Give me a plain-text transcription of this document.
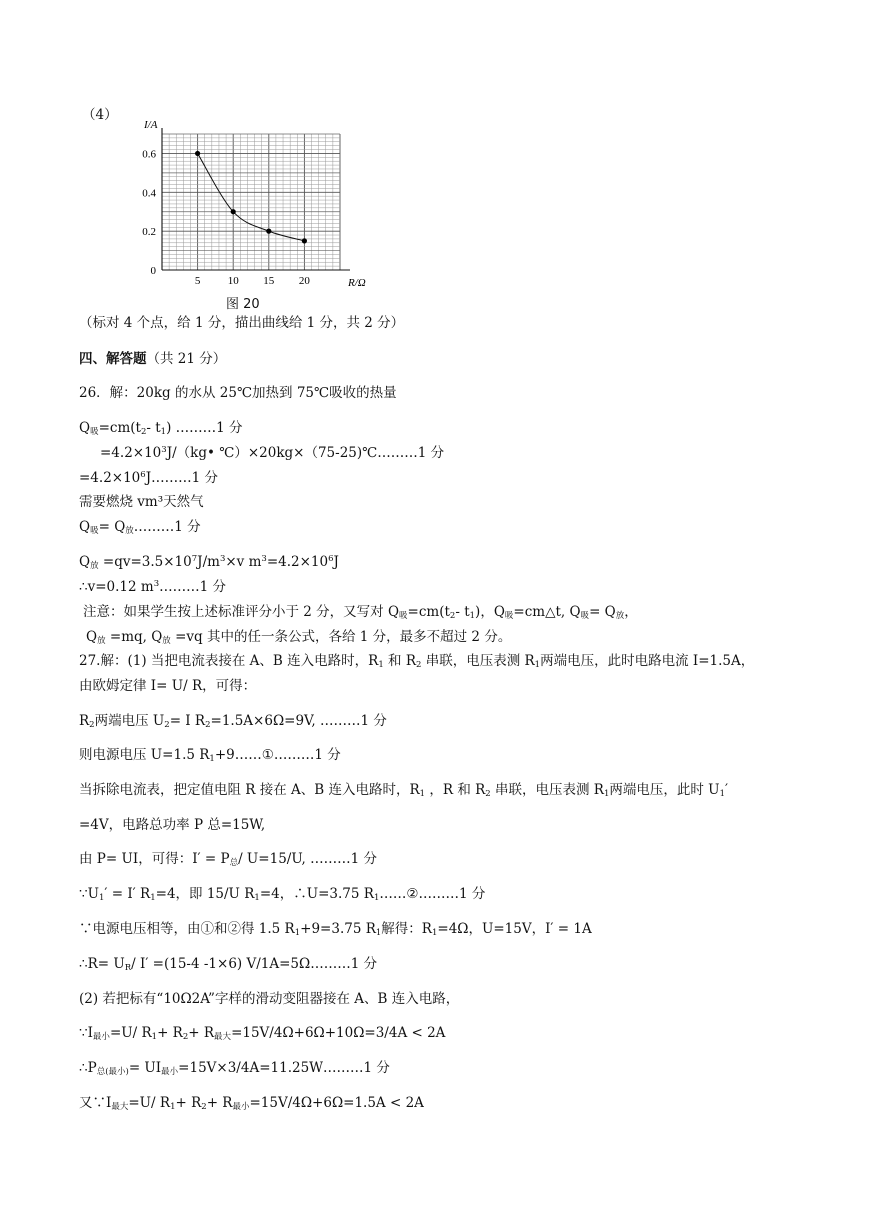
（4）
5 10 15 20
0
0.2
0.4
0.6
I/A
R/Ω
图 20
（标对 4 个点，给 1 分，描出曲线给 1 分，共 2 分）
四、解答题（共 21 分）
26．解：20kg 的水从 25℃加热到 75℃吸收的热量
$Q_吸=cm(t_2-$ $t_1$) ………1 分
$=4.2\times 10^3J/(kg•$ ℃）×20kg×（75-25)℃………1 分
$=4.2\times 10^6J\dots\dots\dots 1$ 分
需要燃烧 vm³天然气
$Q_吸=$ $Q_放\dots\dots\dots 1$ 分
$Q_放 =qv=3.5\times 10^7J/m^3\times v$ $m^3=4.2\times 10^6J$
∴v=0.12 $m^3\dots\dots\dots 1$ 分
注意：如果学生按上述标准评分小于 2 分，又写对 $Q_吸=cm(t_2-$ $t_1$)，$Q_吸=cm\triangle t$, $Q_吸= Q_放$，
$Q_放 =mq$, $Q_放 =vq$ 其中的任一条公式，各给 1 分，最多不超过 2 分。
27.解：(1) 当把电流表接在 A、B 连入电路时，$R_1$ 和 $R_2$ 串联，电压表测 $R_1$两端电压，此时电路电流 I=1.5A，
由欧姆定律 I= U/ R，可得：
$R_2$两端电压 $U_2= I$ $R_2=1.5A\times 6\Omega=9V$, ………1 分
则电源电压 U=1.5 $R_1+9\dots\dots ①\dots\dots\dots 1$ 分
当拆除电流表，把定值电阻 R 接在 A、B 连入电路时，$R_1$ ，R 和 $R_2$ 串联，电压表测 $R_1$两端电压，此时 $U_1'$
=4V，电路总功率 P 总=15W,
由 P= UI，可得：$I' = P_总/$ U=15/U, ………1 分
$\because U_1' = I'$ $R_1=4$，即 15/U $R_1=4$，∴U=3.75 $R_1\dots\dots ②\dots\dots\dots 1$ 分
∵电源电压相等，由①和②得 1.5 $R_1+9=3.75$ $R_1$解得：$R_1=4\Omega$，U=15V，I′ = 1A
∴R= $U_R/$ I′ =(15-4 -1×6) V/1A=5Ω………1 分
(2) 若把标有“10Ω2A”字样的滑动变阻器接在 A、B 连入电路，
$\because I_{最小}=U/$ $R_1+ R_2+ R_{最大}=15V/4\Omega+6\Omega+10\Omega=3/4A < 2A$
$\therefore P_{总(最小)}=$ $UI_{最小}=15V\times 3/4A=11.25W\dots\dots\dots 1$ 分
又$\because I_{最大}=U/$ $R_1+ R_2+ R_{最小}=15V/4\Omega+6\Omega=1.5A < 2A$
